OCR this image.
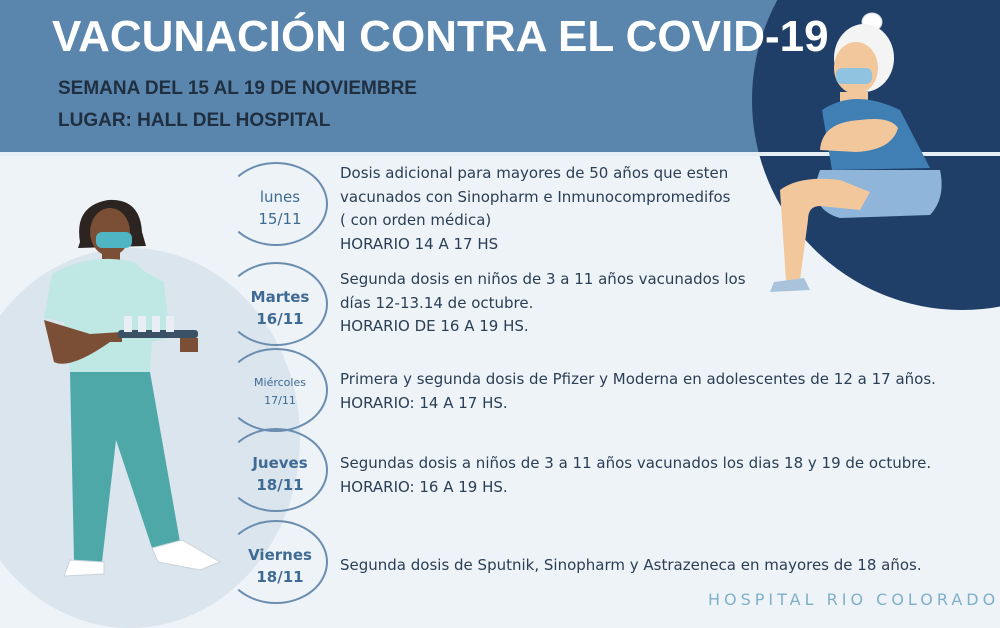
VACUNACIÓN CONTRA EL COVID-19
SEMANA DEL 15 AL 19 DE NOVIEMBRE
LUGAR: HALL DEL HOSPITAL
lunes
15/11
Dosis adicional para mayores de 50 años que esten
vacunados con Sinopharm e Inmunocompromedifos
( con orden médica)
HORARIO 14 A 17 HS
Martes
16/11
Segunda dosis en niños de 3 a 11 años vacunados los
días 12-13.14 de octubre.
HORARIO DE 16 A 19 HS.
Miércoles
17/11
Primera y segunda dosis de Pfizer y Moderna en adolescentes de 12 a 17 años.
HORARIO: 14 A 17 HS.
Jueves
18/11
Segundas dosis a niños de 3 a 11 años vacunados los dias 18 y 19 de octubre.
HORARIO: 16 A 19 HS.
Viernes
18/11
Segunda dosis de Sputnik, Sinopharm y Astrazeneca en mayores de 18 años.
HOSPITAL RIO COLORADO
